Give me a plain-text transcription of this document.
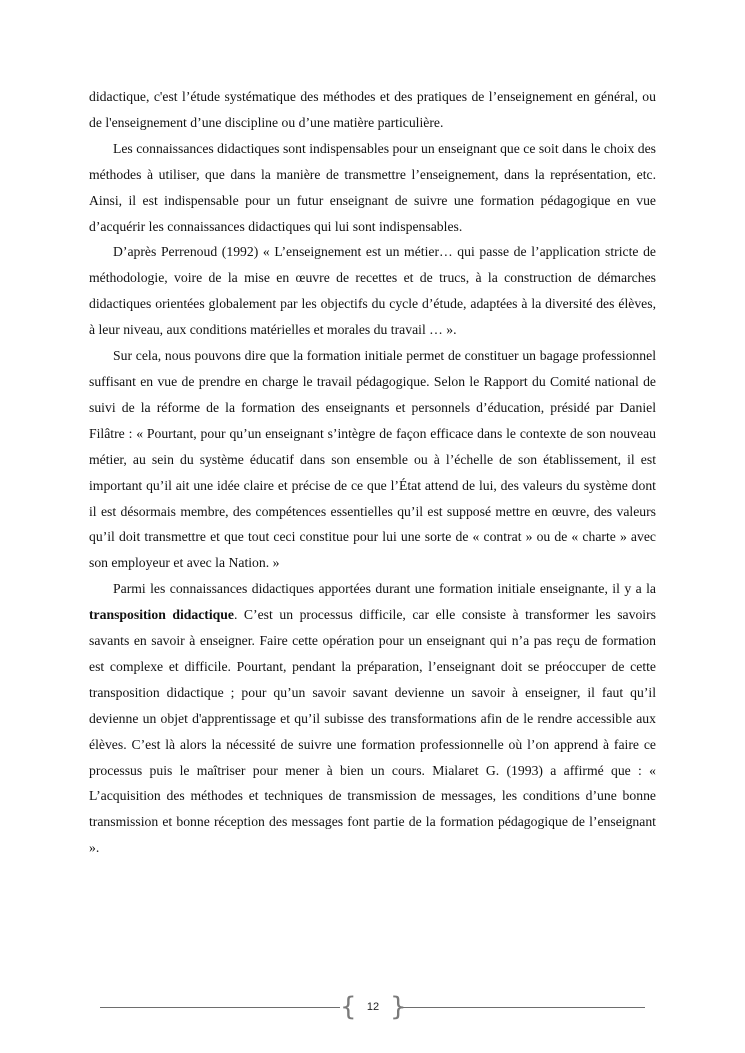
didactique, c'est l’étude systématique des méthodes et des pratiques de l’enseignement en général, ou de l'enseignement d’une discipline ou d’une matière particulière.

Les connaissances didactiques sont indispensables pour un enseignant que ce soit dans le choix des méthodes à utiliser, que dans la manière de transmettre l’enseignement, dans la représentation, etc. Ainsi, il est indispensable pour un futur enseignant de suivre une formation pédagogique en vue d’acquérir les connaissances didactiques qui lui sont indispensables.

D’après Perrenoud (1992) « L’enseignement est un métier… qui passe de l’application stricte de méthodologie, voire de la mise en œuvre de recettes et de trucs, à la construction de démarches didactiques orientées globalement par les objectifs du cycle d’étude, adaptées à la diversité des élèves, à leur niveau, aux conditions matérielles et morales du travail … ».

Sur cela, nous pouvons dire que la formation initiale permet de constituer un bagage professionnel suffisant en vue de prendre en charge le travail pédagogique. Selon le Rapport du Comité national de suivi de la réforme de la formation des enseignants et personnels d’éducation, présidé par Daniel Filâtre : « Pourtant, pour qu’un enseignant s’intègre de façon efficace dans le contexte de son nouveau métier, au sein du système éducatif dans son ensemble ou à l’échelle de son établissement, il est important qu’il ait une idée claire et précise de ce que l’État attend de lui, des valeurs du système dont il est désormais membre, des compétences essentielles qu’il est supposé mettre en œuvre, des valeurs qu’il doit transmettre et que tout ceci constitue pour lui une sorte de « contrat » ou de « charte » avec son employeur et avec la Nation. »

Parmi les connaissances didactiques apportées durant une formation initiale enseignante, il y a la transposition didactique. C’est un processus difficile, car elle consiste à transformer les savoirs savants en savoir à enseigner. Faire cette opération pour un enseignant qui n’a pas reçu de formation est complexe et difficile. Pourtant, pendant la préparation, l’enseignant doit se préoccuper de cette transposition didactique ; pour qu’un savoir savant devienne un savoir à enseigner, il faut qu’il devienne un objet d'apprentissage et qu’il subisse des transformations afin de le rendre accessible aux élèves. C’est là alors la nécessité de suivre une formation professionnelle où l’on apprend à faire ce processus puis le maîtriser pour mener à bien un cours. Mialaret G. (1993) a affirmé que : « L’acquisition des méthodes et techniques de transmission de messages, les conditions d’une bonne transmission et bonne réception des messages font partie de la formation pédagogique de l’enseignant ».

{ 12 }
